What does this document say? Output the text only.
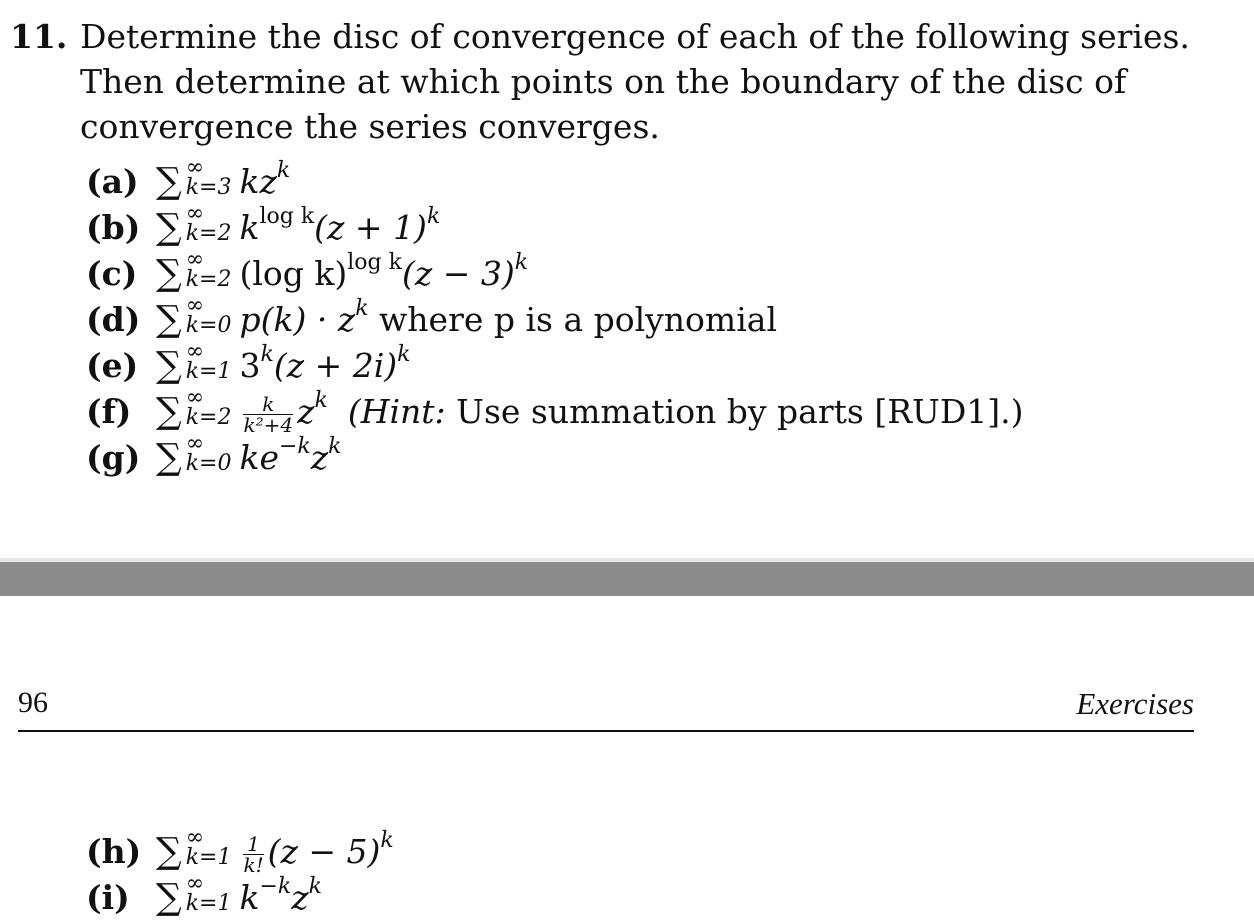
11. Determine the disc of convergence of each of the following series. Then determine at which points on the boundary of the disc of convergence the series converges.
(a) ∑ ∞
k=3 $kz^k$
(b) ∑ ∞
k=2 $k^{log k}(z + 1)^k$
(c) ∑ ∞
k=2 (log $k)^{log k}(z - 3)^k$
(d) ∑ ∞
k=0 $p(k) \cdot z^k$ where p is a polynomial
(e) ∑ ∞
k=1 $3^k(z + 2i)^k$
(f) ∑ ∞
$k=2 \frac{k}{\text{k²+4}} z^k$ (Hint: Use summation by parts [RUD1].)
(g) ∑ ∞
k=0 $ke^{-k}z^k$
96	Exercises
(h) ∑ ∞
$k=1 \frac{1}{k!} (z - 5)^k$
(i) ∑ ∞
k=1 $k^{-k}z^k$
